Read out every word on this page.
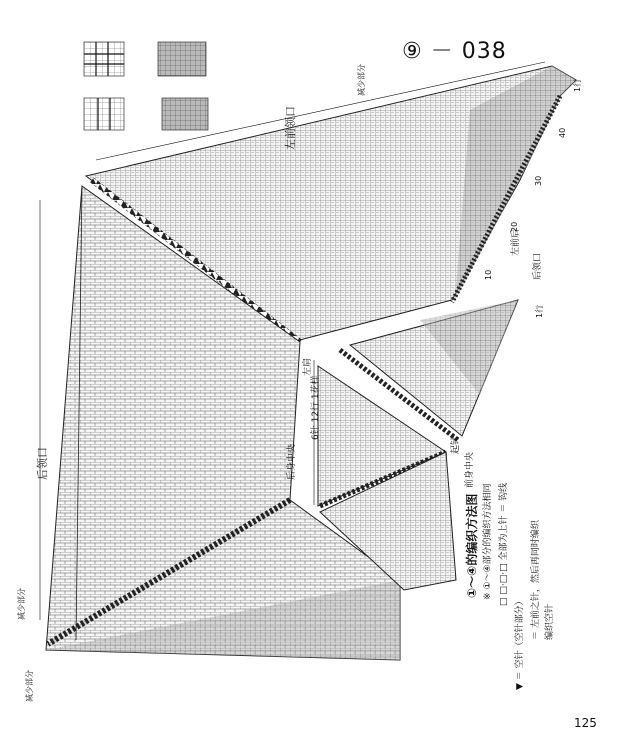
⑨ － 038
左前领口
减少部分
后领口
减少部分
减少部分
左肩
6针 12行 1花样
后身中央	前身中央
起针
左前后
后领口
1行
1行
10
20
30
40
①～④的编织方法图 ※ ①～④部分的编织方法相同 □ □·□·□ 全部为上针 ＝ 钩线
▼ ＝ 空针（空针部分）
＝ 左前之针，然后再同时编织 编织空针
125
